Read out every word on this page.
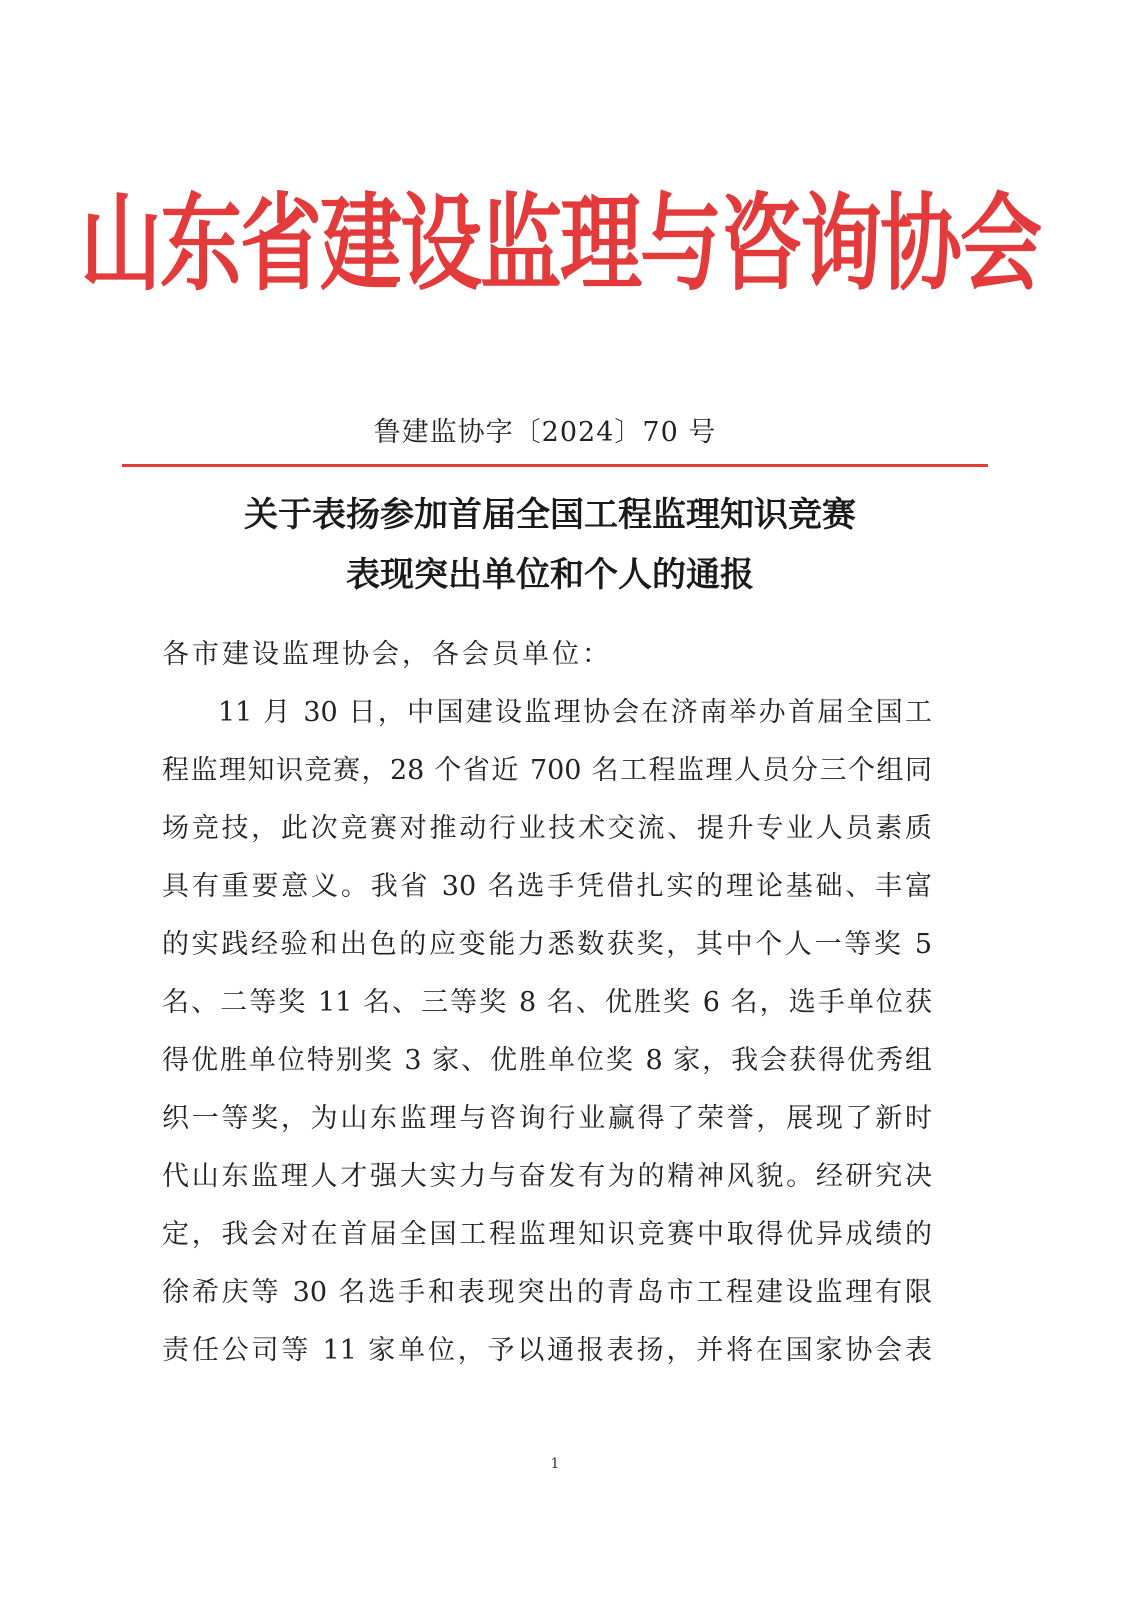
山东省建设监理与咨询协会
鲁建监协字〔2024〕70 号
关于表扬参加首届全国工程监理知识竞赛
表现突出单位和个人的通报
各市建设监理协会，各会员单位：
11 月 30 日，中国建设监理协会在济南举办首届全国工
程监理知识竞赛，28 个省近 700 名工程监理人员分三个组同
场竞技，此次竞赛对推动行业技术交流、提升专业人员素质
具有重要意义。我省 30 名选手凭借扎实的理论基础、丰富
的实践经验和出色的应变能力悉数获奖，其中个人一等奖 5
名、二等奖 11 名、三等奖 8 名、优胜奖 6 名，选手单位获
得优胜单位特别奖 3 家、优胜单位奖 8 家，我会获得优秀组
织一等奖，为山东监理与咨询行业赢得了荣誉，展现了新时
代山东监理人才强大实力与奋发有为的精神风貌。经研究决
定，我会对在首届全国工程监理知识竞赛中取得优异成绩的
徐希庆等 30 名选手和表现突出的青岛市工程建设监理有限
责任公司等 11 家单位，予以通报表扬，并将在国家协会表
1
